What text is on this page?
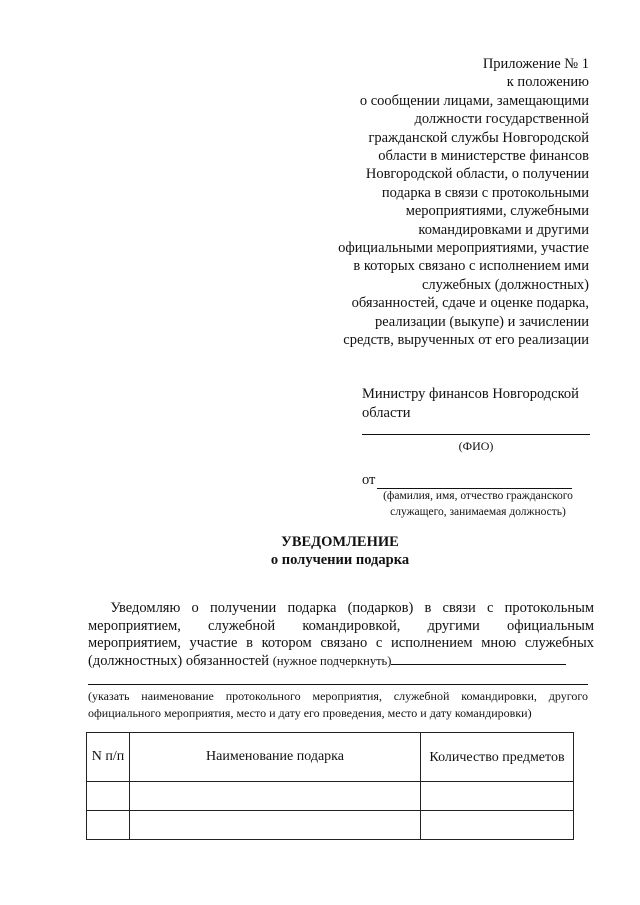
Приложение № 1
к положению
о сообщении лицами, замещающими
должности государственной
гражданской службы Новгородской
области в министерстве финансов
Новгородской области, о получении
подарка в связи с протокольными
мероприятиями, служебными
командировками и другими
официальными мероприятиями, участие
в которых связано с исполнением ими
служебных (должностных)
обязанностей, сдаче и оценке подарка,
реализации (выкупе) и зачислении
средств, вырученных от его реализации
Министру финансов Новгородской области
(ФИО)
от
(фамилия, имя, отчество гражданского
служащего, занимаемая должность)
УВЕДОМЛЕНИЕ
о получении подарка
Уведомляю о получении подарка (подарков) в связи с протокольным мероприятием, служебной командировкой, другими официальным мероприятием, участие в котором связано с исполнением мною служебных (должностных) обязанностей (нужное подчеркнуть)
(указать наименование протокольного мероприятия, служебной командировки, другого официального мероприятия, место и дату его проведения, место и дату командировки)
N п/п	Наименование подарка	Количество предметов
